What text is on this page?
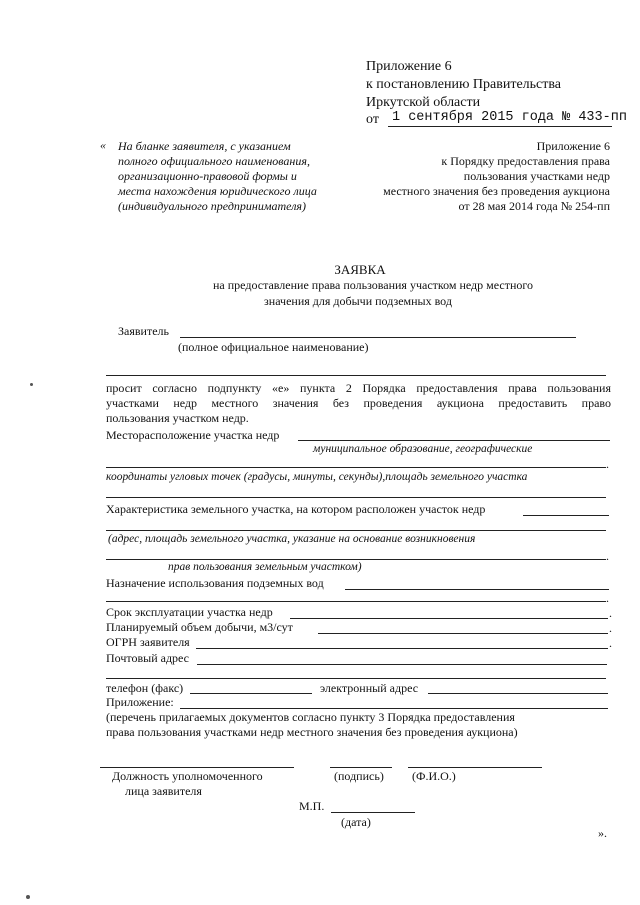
Приложение 6
к постановлению Правительства
Иркутской области
от 1 сентября 2015 года № 433-пп
« На бланке заявителя, с указанием
полного официального наименования,
организационно-правовой формы и
места нахождения юридического лица
(индивидуального предпринимателя)
Приложение 6
к Порядку предоставления права
пользования участками недр
местного значения без проведения аукциона
от 28 мая 2014 года № 254-пп
ЗАЯВКА
на предоставление права пользования участком недр местного
значения для добычи подземных вод
Заявитель
(полное официальное наименование)
просит согласно подпункту «е» пункта 2 Порядка предоставления права пользования
участками недр местного значения без проведения аукциона предоставить право
пользования участком недр.
Месторасположение участка недр
муниципальное образование, географические
.
координаты угловых точек (градусы, минуты, секунды),площадь земельного участка
Характеристика земельного участка, на котором расположен участок недр
(адрес, площадь земельного участка, указание на основание возникновения
.
прав пользования земельным участком)
Назначение использования подземных вод
.
Срок эксплуатации участка недр	.
Планируемый объем добычи, м3/сут	.
ОГРН заявителя	.
Почтовый адрес
телефон (факс)	электронный адрес
Приложение:
(перечень прилагаемых документов согласно пункту 3 Порядка предоставления
права пользования участками недр местного значения без проведения аукциона)
Должность уполномоченного	(подпись) (Ф.И.О.)
лица заявителя
М.П.
(дата)
».
